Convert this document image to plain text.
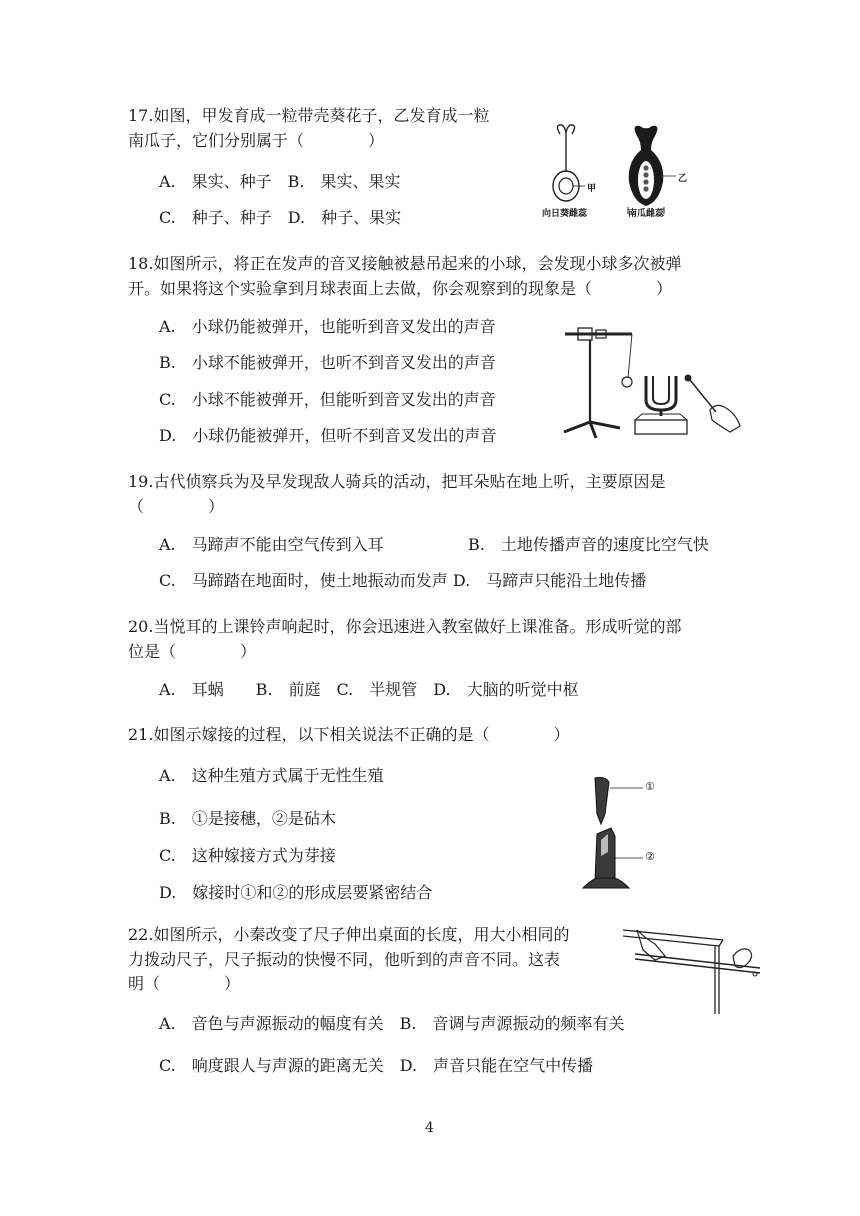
17.如图，甲发育成一粒带壳葵花子，乙发育成一粒
南瓜子，它们分别属于（　　　　）
A.　果实、种子　B.　果实、果实
C.　种子、种子　D.　种子、果实
甲
乙
向日葵雌蕊	南瓜雌蕊
18.如图所示，将正在发声的音叉接触被悬吊起来的小球，会发现小球多次被弹
开。如果将这个实验拿到月球表面上去做，你会观察到的现象是（　　　　）
A.　小球仍能被弹开，也能听到音叉发出的声音
B.　小球不能被弹开，也听不到音叉发出的声音
C.　小球不能被弹开，但能听到音叉发出的声音
D.　小球仍能被弹开，但听不到音叉发出的声音
19.古代侦察兵为及早发现敌人骑兵的活动，把耳朵贴在地上听，主要原因是
（　　　　）
A.　马蹄声不能由空气传到入耳	B.　土地传播声音的速度比空气快
C.　马蹄踏在地面时，使土地振动而发声 D.　马蹄声只能沿土地传播
20.当悦耳的上课铃声响起时，你会迅速进入教室做好上课准备。形成听觉的部
位是（　　　　）
A.　耳蜗　　B.　前庭　C.　半规管　D.　大脑的听觉中枢
21.如图示嫁接的过程，以下相关说法不正确的是（　　　　）
A.　这种生殖方式属于无性生殖
B.　①是接穗，②是砧木
C.　这种嫁接方式为芽接
D.　嫁接时①和②的形成层要紧密结合
①
②
22.如图所示，小秦改变了尺子伸出桌面的长度，用大小相同的
力拨动尺子，尺子振动的快慢不同，他听到的声音不同。这表
明（　　　　）
A.　音色与声源振动的幅度有关　B.　音调与声源振动的频率有关
C.　响度跟人与声源的距离无关　D.　声音只能在空气中传播
4
